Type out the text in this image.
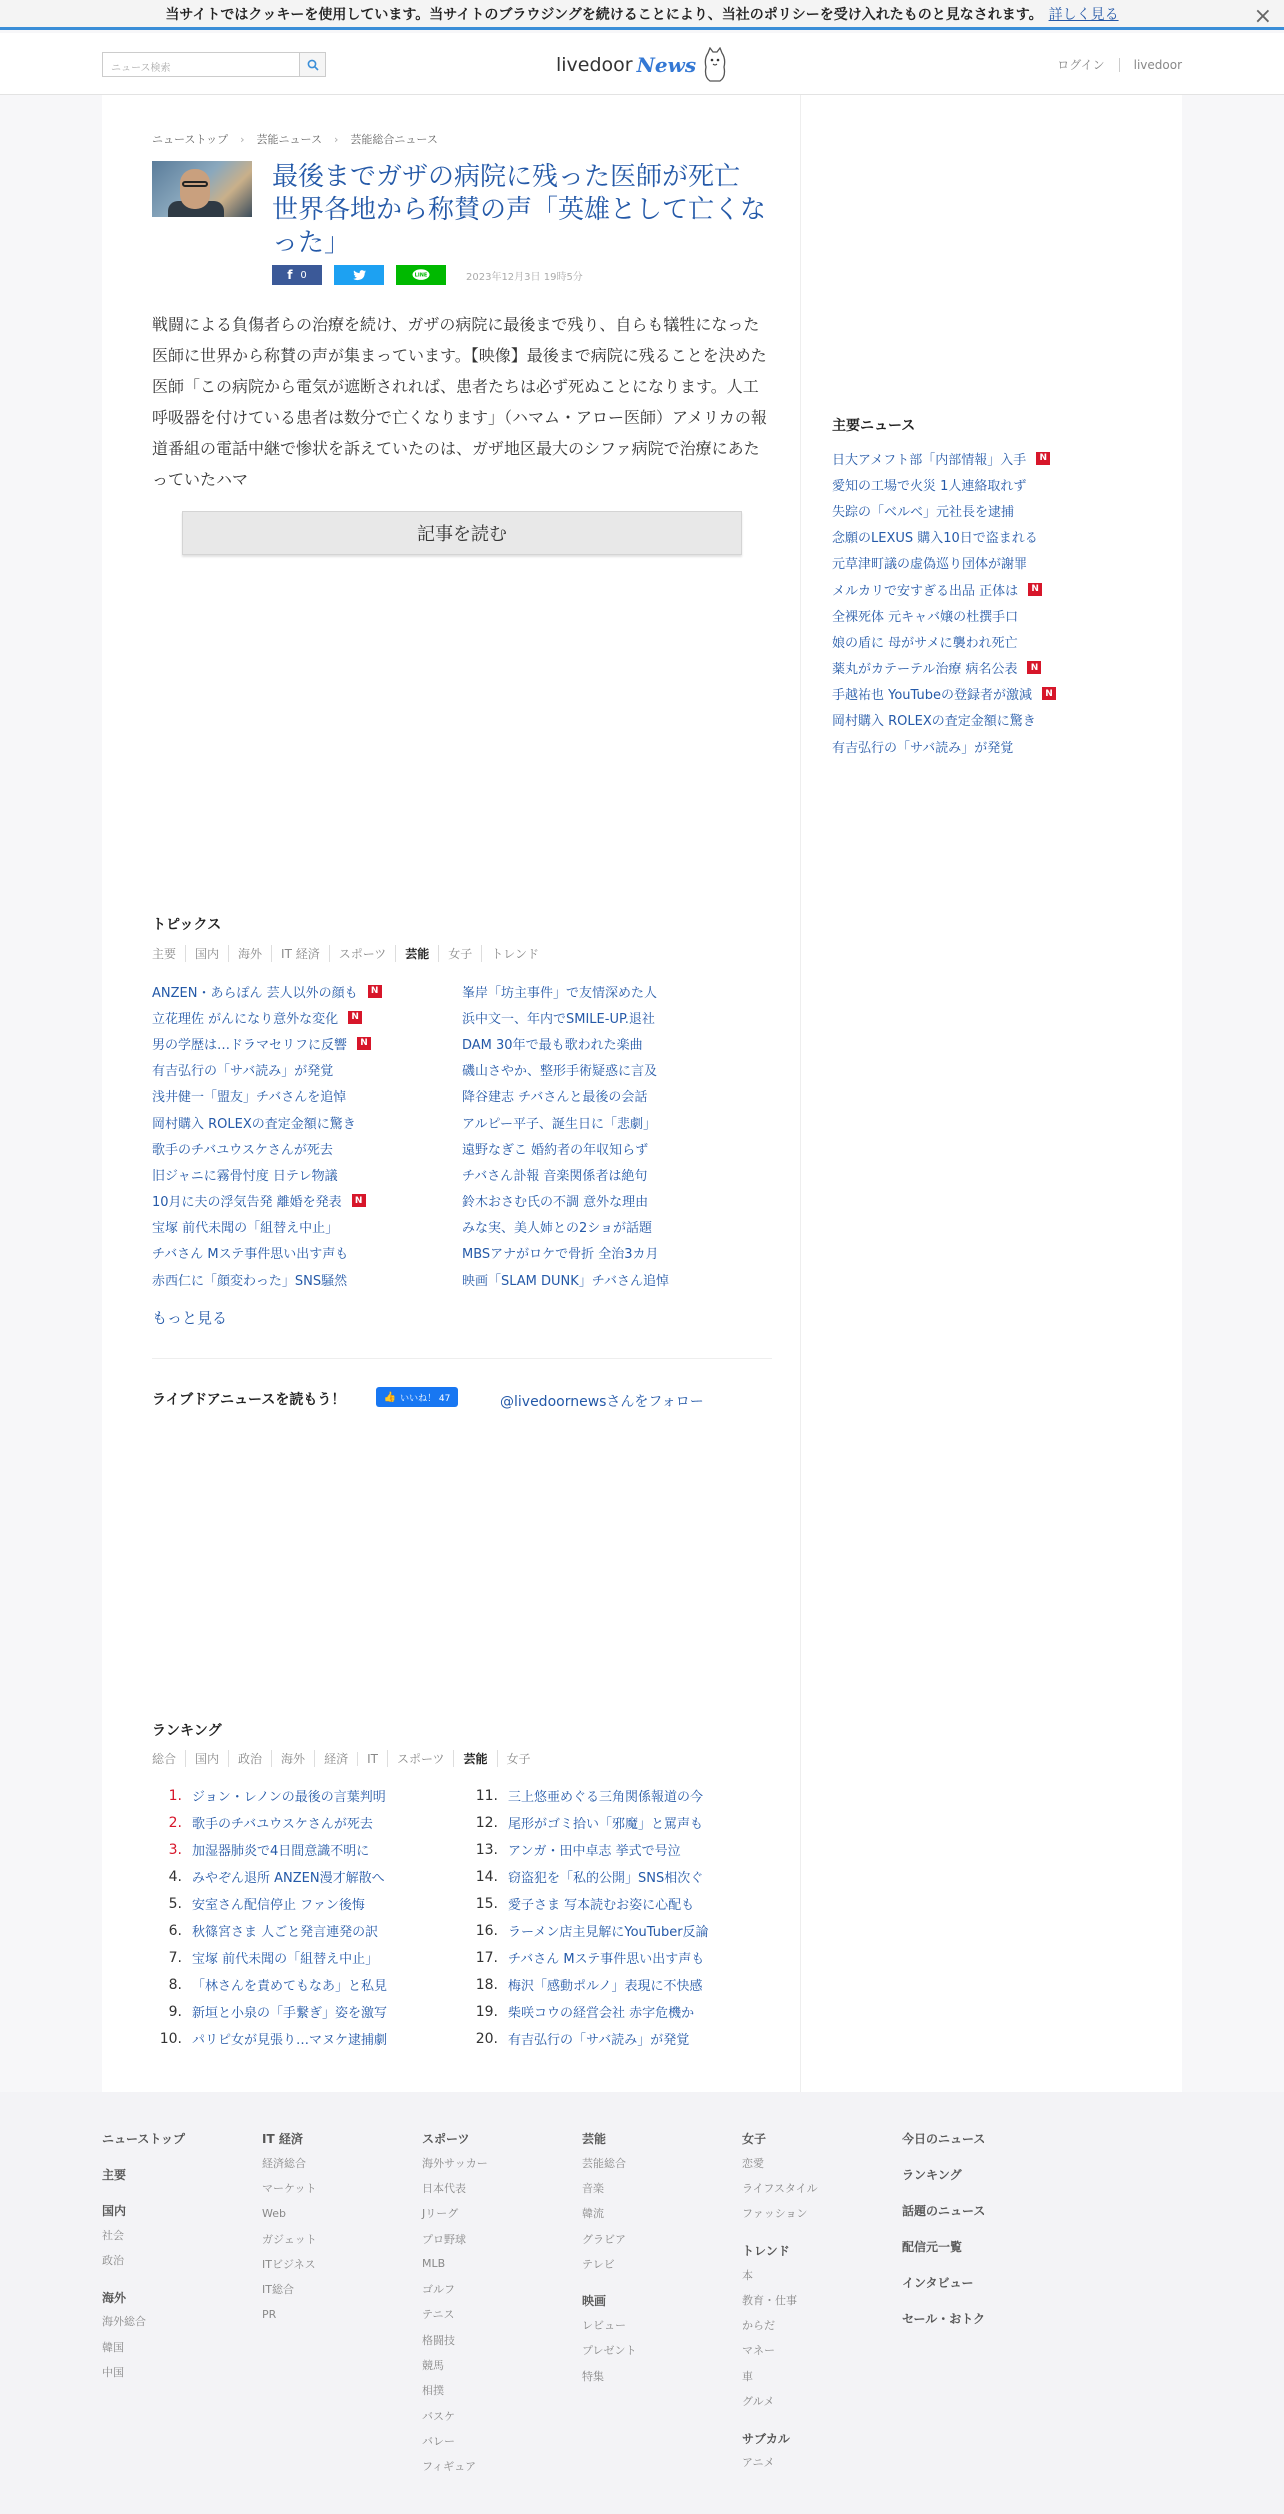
当サイトではクッキーを使用しています。当サイトのブラウジングを続けることにより、当社のポリシーを受け入れたものと見なされます。 詳しく見る	×
ニュース検索	livedoor News	ログイン livedoor
ニューストップ › 芸能ニュース › 芸能総合ニュース
最後までガザの病院に残った医師が死亡 世界各地から称賛の声「英雄として亡くなった」
f 0	LINE	2023年12月3日 19時5分

戦闘による負傷者らの治療を続け、ガザの病院に最後まで残り、自らも犠牲になった医師に世界から称賛の声が集まっています。【映像】最後まで病院に残ることを決めた医師「この病院から電気が遮断されれば、患者たちは必ず死ぬことになります。人工呼吸器を付けている患者は数分で亡くなります」（ハマム・アロー医師）アメリカの報道番組の電話中継で惨状を訴えていたのは、ガザ地区最大のシファ病院で治療にあたっていたハマ

記事を読む
トピックス
主要	国内	海外	IT 経済	スポーツ	芸能	女子	トレンド
ANZEN・あらぽん 芸人以外の顔も	N	峯岸「坊主事件」で友情深めた人
立花理佐 がんになり意外な変化	N	浜中文一、年内でSMILE‐UP.退社
男の学歴は…ドラマセリフに反響	N	DAM 30年で最も歌われた楽曲
有吉弘行の「サバ読み」が発覚	磯山さやか、整形手術疑惑に言及
浅井健一「盟友」チバさんを追悼	降谷建志 チバさんと最後の会話
岡村購入 ROLEXの査定金額に驚き	アルピー平子、誕生日に「悲劇」
歌手のチバユウスケさんが死去	遠野なぎこ 婚約者の年収知らず
旧ジャニに霧骨忖度 日テレ物議	チバさん訃報 音楽関係者は絶句
10月に夫の浮気告発 離婚を発表	N	鈴木おさむ氏の不調 意外な理由
宝塚 前代未聞の「組替え中止」	みな実、美人姉との2ショが話題
チバさん Mステ事件思い出す声も	MBSアナがロケで骨折 全治3カ月
赤西仁に「顔変わった」SNS騒然	映画「SLAM DUNK」チバさん追悼
もっと見る
ライブドアニュースを読もう！	👍 いいね！ 47	@livedoornewsさんをフォロー
ランキング
総合	国内	政治	海外	経済	IT	スポーツ	芸能	女子
1. ジョン・レノンの最後の言葉判明
2. 歌手のチバユウスケさんが死去
3. 加湿器肺炎で4日間意識不明に
4. みやぞん退所 ANZEN漫才解散へ
5. 安室さん配信停止 ファン後悔
6. 秋篠宮さま 人ごと発言連発の訳
7. 宝塚 前代未聞の「組替え中止」
8. 「林さんを責めてもなあ」と私見
9. 新垣と小泉の「手繋ぎ」姿を激写
10. パリピ女が見張り…マヌケ逮捕劇
11. 三上悠亜めぐる三角関係報道の今
12. 尾形がゴミ拾い「邪魔」と罵声も
13. アンガ・田中卓志 挙式で号泣
14. 窃盗犯を「私的公開」SNS相次ぐ
15. 愛子さま 写本読むお姿に心配も
16. ラーメン店主見解にYouTuber反論
17. チバさん Mステ事件思い出す声も
18. 梅沢「感動ポルノ」表現に不快感
19. 柴咲コウの経営会社 赤字危機か
20. 有吉弘行の「サバ読み」が発覚
主要ニュース
日大アメフト部「内部情報」入手	N
愛知の工場で火災 1人連絡取れず
失踪の「ベルベ」元社長を逮捕
念願のLEXUS 購入10日で盗まれる
元草津町議の虚偽巡り団体が謝罪
メルカリで安すぎる出品 正体は	N
全裸死体 元キャバ嬢の杜撰手口
娘の盾に 母がサメに襲われ死亡
薬丸がカテーテル治療 病名公表	N
手越祐也 YouTubeの登録者が激減	N
岡村購入 ROLEXの査定金額に驚き
有吉弘行の「サバ読み」が発覚
ニューストップ
主要
国内
社会
政治
海外
海外総合
韓国
中国
IT 経済
経済総合
マーケット
Web
ガジェット
ITビジネス
IT総合
PR
スポーツ
海外サッカー
日本代表
Jリーグ
プロ野球
MLB
ゴルフ
テニス
格闘技
競馬
相撲
バスケ
バレー
フィギュア
芸能
芸能総合
音楽
韓流
グラビア
テレビ
映画
レビュー
プレゼント
特集
女子
恋愛
ライフスタイル
ファッション
トレンド
本
教育・仕事
からだ
マネー
車
グルメ
サブカル
アニメ
今日のニュース
ランキング
話題のニュース
配信元一覧
インタビュー
セール・おトク
